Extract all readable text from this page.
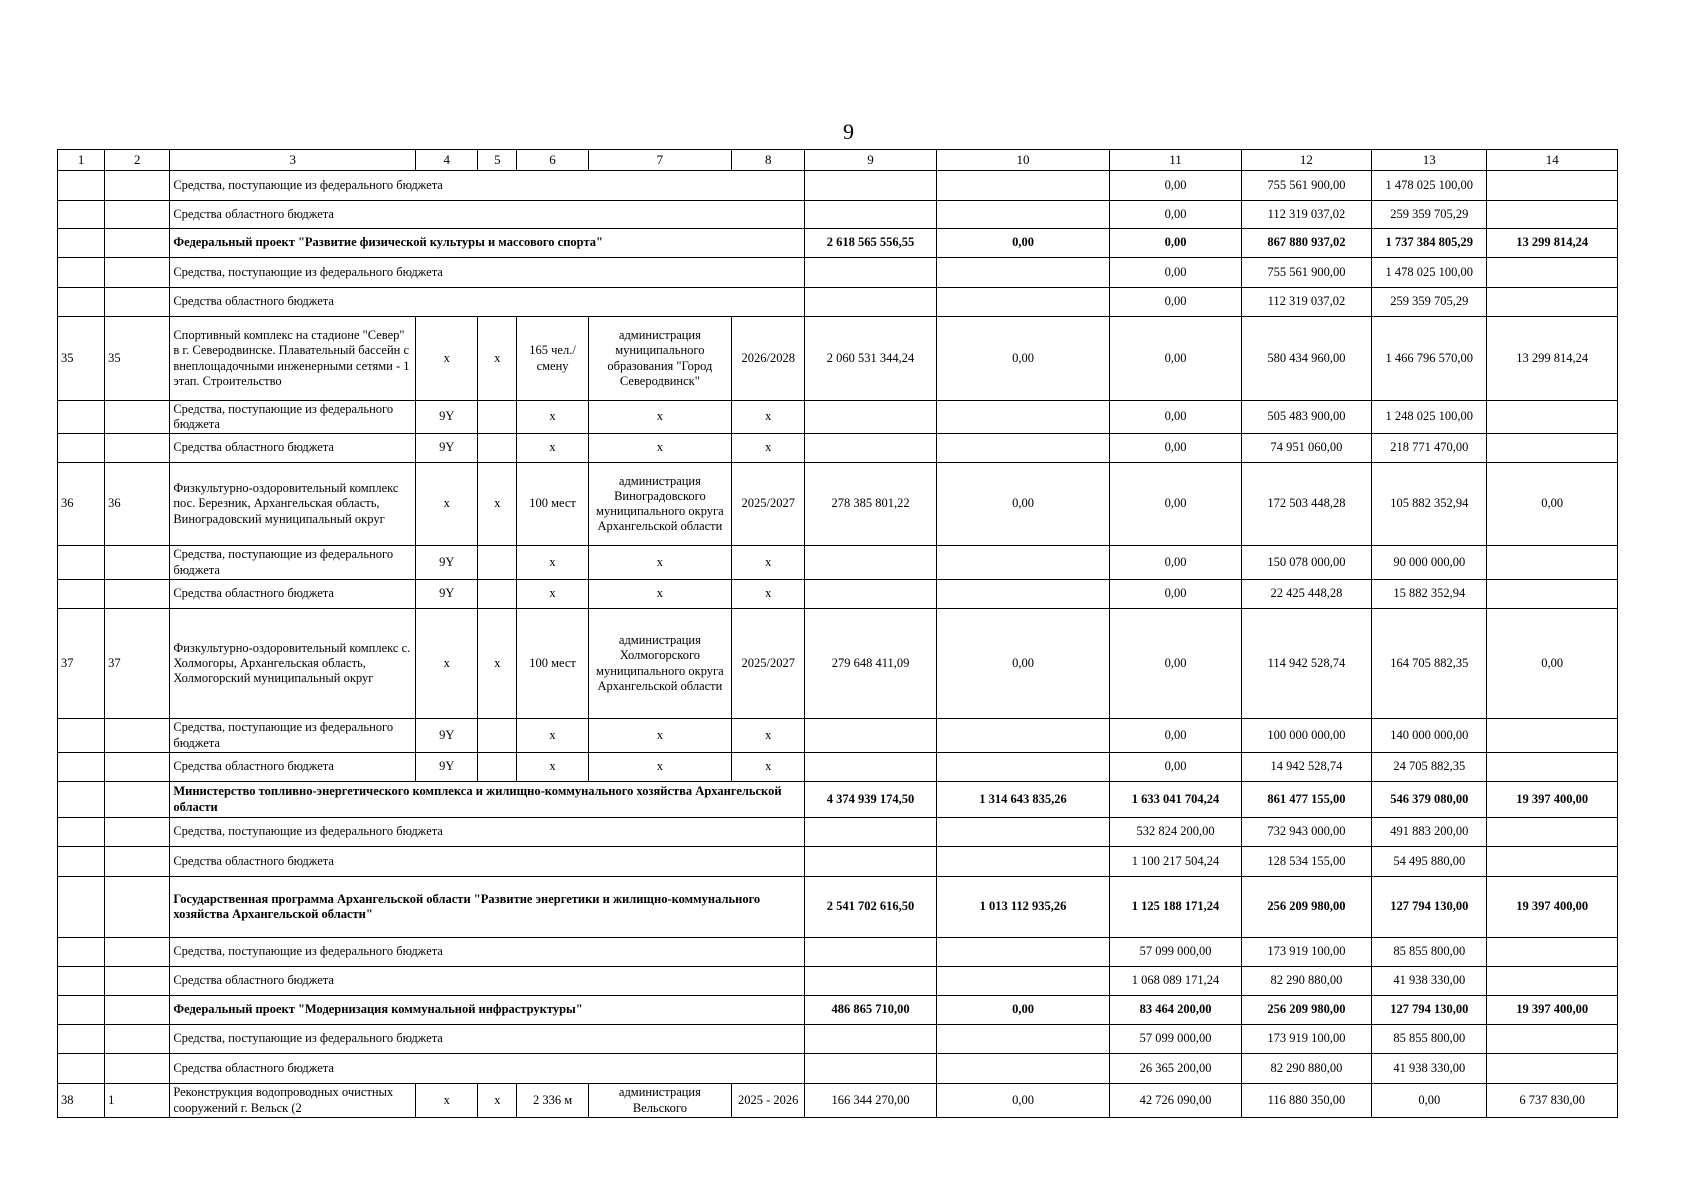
9
1	2	3	4	5	6	7	8	9	10	11	12	13	14
		Средства, поступающие из федерального бюджета								0,00	755 561 900,00	1 478 025 100,00	
		Средства областного бюджета								0,00	112 319 037,02	259 359 705,29	
		Федеральный проект "Развитие физической культуры и массового спорта"						2 618 565 556,55	0,00	0,00	867 880 937,02	1 737 384 805,29	13 299 814,24
		Средства, поступающие из федерального бюджета								0,00	755 561 900,00	1 478 025 100,00	
		Средства областного бюджета								0,00	112 319 037,02	259 359 705,29	
35	35	Спортивный комплекс на стадионе "Север" в г. Северодвинске. Плавательный бассейн с внеплощадочными инженерными сетями - 1 этап. Строительство	х	х	165 чел./смену	администрация муниципального образования "Город Северодвинск"	2026/2028	2 060 531 344,24	0,00	0,00	580 434 960,00	1 466 796 570,00	13 299 814,24
		Средства, поступающие из федерального бюджета	9Y		х	х	х			0,00	505 483 900,00	1 248 025 100,00	
		Средства областного бюджета	9Y		х	х	х			0,00	74 951 060,00	218 771 470,00	
36	36	Физкультурно-оздоровительный комплекс пос. Березник, Архангельская область, Виноградовский муниципальный округ	х	х	100 мест	администрация Виноградовского муниципального округа Архангельской области	2025/2027	278 385 801,22	0,00	0,00	172 503 448,28	105 882 352,94	0,00
		Средства, поступающие из федерального бюджета	9Y		х	х	х			0,00	150 078 000,00	90 000 000,00	
		Средства областного бюджета	9Y		х	х	х			0,00	22 425 448,28	15 882 352,94	
37	37	Физкультурно-оздоровительный комплекс с. Холмогоры, Архангельская область, Холмогорский муниципальный округ	х	х	100 мест	администрация Холмогорского муниципального округа Архангельской области	2025/2027	279 648 411,09	0,00	0,00	114 942 528,74	164 705 882,35	0,00
		Средства, поступающие из федерального бюджета	9Y		х	х	х			0,00	100 000 000,00	140 000 000,00	
		Средства областного бюджета	9Y		х	х	х			0,00	14 942 528,74	24 705 882,35	
		Министерство топливно-энергетического комплекса и жилищно-коммунального хозяйства Архангельской области						4 374 939 174,50	1 314 643 835,26	1 633 041 704,24	861 477 155,00	546 379 080,00	19 397 400,00
		Средства, поступающие из федерального бюджета								532 824 200,00	732 943 000,00	491 883 200,00	
		Средства областного бюджета								1 100 217 504,24	128 534 155,00	54 495 880,00	
		Государственная программа Архангельской области "Развитие энергетики и жилищно-коммунального хозяйства Архангельской области"						2 541 702 616,50	1 013 112 935,26	1 125 188 171,24	256 209 980,00	127 794 130,00	19 397 400,00
		Средства, поступающие из федерального бюджета								57 099 000,00	173 919 100,00	85 855 800,00	
		Средства областного бюджета								1 068 089 171,24	82 290 880,00	41 938 330,00	
		Федеральный проект "Модернизация коммунальной инфраструктуры"						486 865 710,00	0,00	83 464 200,00	256 209 980,00	127 794 130,00	19 397 400,00
		Средства, поступающие из федерального бюджета								57 099 000,00	173 919 100,00	85 855 800,00	
		Средства областного бюджета								26 365 200,00	82 290 880,00	41 938 330,00	
38	1	Реконструкция водопроводных очистных сооружений г. Вельск (2	х	х	2 336 м	администрация Вельского	2025 - 2026	166 344 270,00	0,00	42 726 090,00	116 880 350,00	0,00	6 737 830,00
